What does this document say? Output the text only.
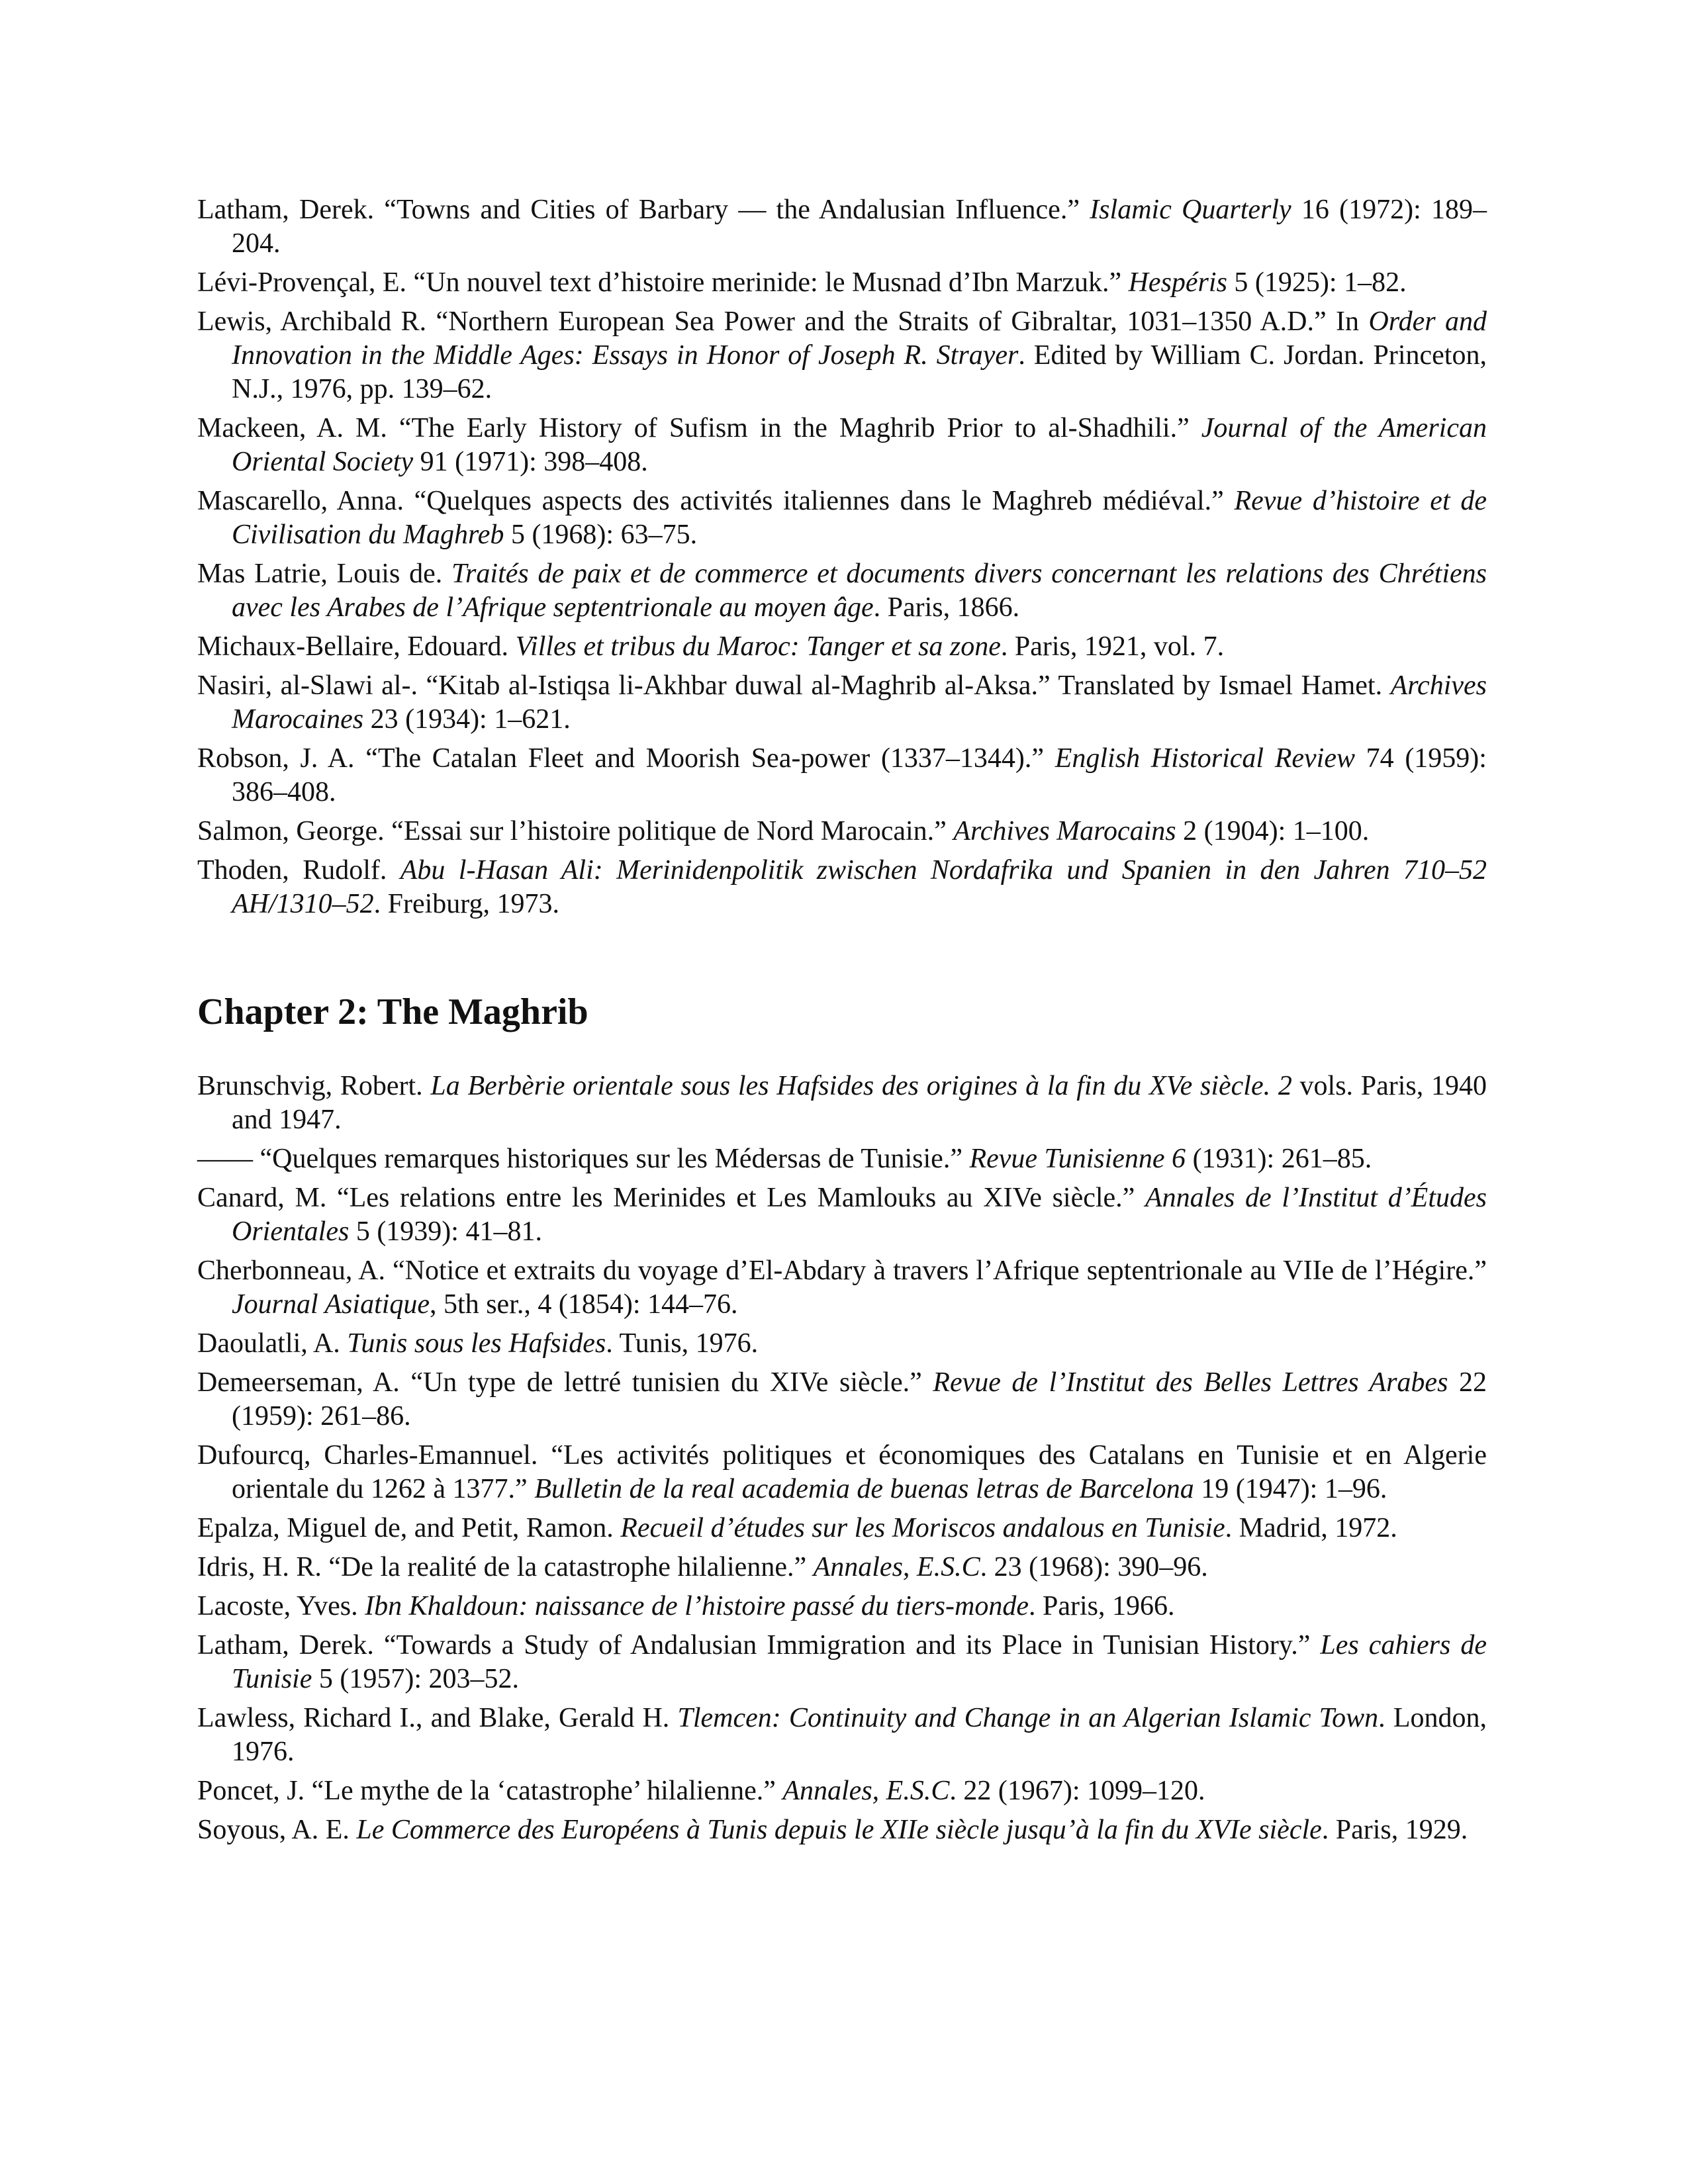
Latham, Derek. “Towns and Cities of Barbary — the Andalusian Influence.” Islamic Quarterly 16 (1972): 189–204.

Lévi-Provençal, E. “Un nouvel text d’histoire merinide: le Musnad d’Ibn Marzuk.” Hespéris 5 (1925): 1–82.

Lewis, Archibald R. “Northern European Sea Power and the Straits of Gibraltar, 1031–1350 A.D.” In Order and Innovation in the Middle Ages: Essays in Honor of Joseph R. Strayer. Edited by William C. Jordan. Princeton, N.J., 1976, pp. 139–62.

Mackeen, A. M. “The Early History of Sufism in the Maghrib Prior to al-Shadhili.” Journal of the American Oriental Society 91 (1971): 398–408.

Mascarello, Anna. “Quelques aspects des activités italiennes dans le Maghreb médiéval.” Revue d’histoire et de Civilisation du Maghreb 5 (1968): 63–75.

Mas Latrie, Louis de. Traités de paix et de commerce et documents divers concernant les relations des Chrétiens avec les Arabes de l’Afrique septentrionale au moyen âge. Paris, 1866.

Michaux-Bellaire, Edouard. Villes et tribus du Maroc: Tanger et sa zone. Paris, 1921, vol. 7.

Nasiri, al-Slawi al-. “Kitab al-Istiqsa li-Akhbar duwal al-Maghrib al-Aksa.” Translated by Ismael Hamet. Archives Marocaines 23 (1934): 1–621.

Robson, J. A. “The Catalan Fleet and Moorish Sea-power (1337–1344).” English Historical Review 74 (1959): 386–408.

Salmon, George. “Essai sur l’histoire politique de Nord Marocain.” Archives Marocains 2 (1904): 1–100.

Thoden, Rudolf. Abu l-Hasan Ali: Merinidenpolitik zwischen Nordafrika und Spanien in den Jahren 710–52 AH/1310–52. Freiburg, 1973.

Chapter 2: The Maghrib

Brunschvig, Robert. La Berbèrie orientale sous les Hafsides des origines à la fin du XVe siècle. 2 vols. Paris, 1940 and 1947.

—— “Quelques remarques historiques sur les Médersas de Tunisie.” Revue Tunisienne 6 (1931): 261–85.

Canard, M. “Les relations entre les Merinides et Les Mamlouks au XIVe siècle.” Annales de l’Institut d’Études Orientales 5 (1939): 41–81.

Cherbonneau, A. “Notice et extraits du voyage d’El-Abdary à travers l’Afrique septentrionale au VIIe de l’Hégire.” Journal Asiatique, 5th ser., 4 (1854): 144–76.

Daoulatli, A. Tunis sous les Hafsides. Tunis, 1976.

Demeerseman, A. “Un type de lettré tunisien du XIVe siècle.” Revue de l’Institut des Belles Lettres Arabes 22 (1959): 261–86.

Dufourcq, Charles-Emannuel. “Les activités politiques et économiques des Catalans en Tunisie et en Algerie orientale du 1262 à 1377.” Bulletin de la real academia de buenas letras de Barcelona 19 (1947): 1–96.

Epalza, Miguel de, and Petit, Ramon. Recueil d’études sur les Moriscos andalous en Tunisie. Madrid, 1972.

Idris, H. R. “De la realité de la catastrophe hilalienne.” Annales, E.S.C. 23 (1968): 390–96.

Lacoste, Yves. Ibn Khaldoun: naissance de l’histoire passé du tiers-monde. Paris, 1966.

Latham, Derek. “Towards a Study of Andalusian Immigration and its Place in Tunisian History.” Les cahiers de Tunisie 5 (1957): 203–52.

Lawless, Richard I., and Blake, Gerald H. Tlemcen: Continuity and Change in an Algerian Islamic Town. London, 1976.

Poncet, J. “Le mythe de la ‘catastrophe’ hilalienne.” Annales, E.S.C. 22 (1967): 1099–120.

Soyous, A. E. Le Commerce des Européens à Tunis depuis le XIIe siècle jusqu’à la fin du XVIe siècle. Paris, 1929.
